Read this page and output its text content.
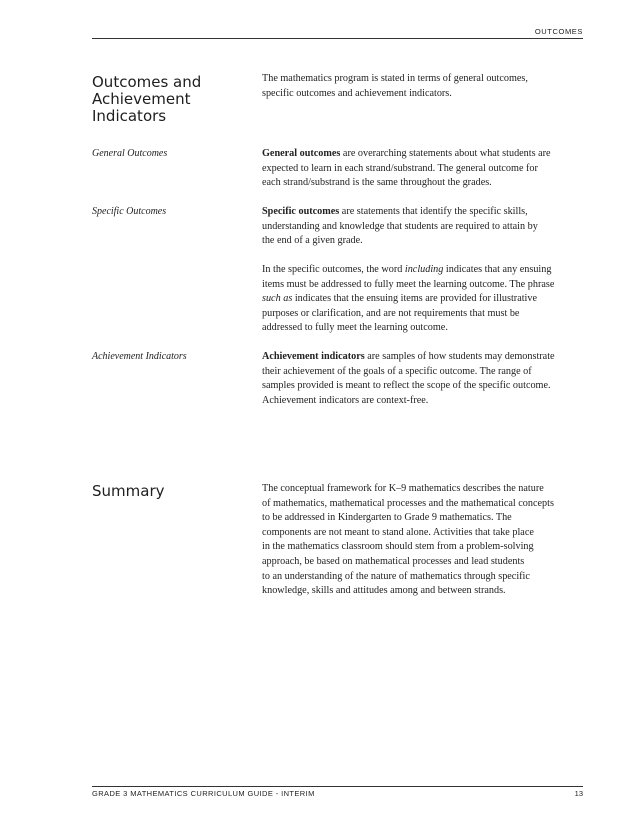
OUTCOMES
Outcomes and
Achievement
Indicators

The mathematics program is stated in terms of general outcomes,
specific outcomes and achievement indicators.

General Outcomes	General outcomes are overarching statements about what students are
expected to learn in each strand/substrand. The general outcome for
each strand/substrand is the same throughout the grades.

Specific Outcomes	Specific outcomes are statements that identify the specific skills,
understanding and knowledge that students are required to attain by
the end of a given grade.

In the specific outcomes, the word including indicates that any ensuing
items must be addressed to fully meet the learning outcome. The phrase
such as indicates that the ensuing items are provided for illustrative
purposes or clarification, and are not requirements that must be
addressed to fully meet the learning outcome.

Achievement Indicators	Achievement indicators are samples of how students may demonstrate
their achievement of the goals of a specific outcome. The range of
samples provided is meant to reflect the scope of the specific outcome.
Achievement indicators are context-free.

Summary	The conceptual framework for K–9 mathematics describes the nature
of mathematics, mathematical processes and the mathematical concepts
to be addressed in Kindergarten to Grade 9 mathematics. The
components are not meant to stand alone. Activities that take place
in the mathematics classroom should stem from a problem-solving
approach, be based on mathematical processes and lead students
to an understanding of the nature of mathematics through specific
knowledge, skills and attitudes among and between strands.

GRADE 3 MATHEMATICS CURRICULUM GUIDE - INTERIM	13
